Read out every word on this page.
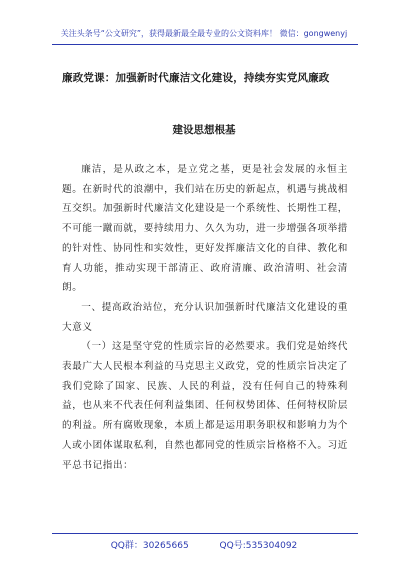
关注头条号“公文研究”，获得最新最全最专业的公文资料库！ 微信：gongwenyj
廉政党课：加强新时代廉洁文化建设，持续夯实党风廉政
建设思想根基

廉洁，是从政之本，是立党之基，更是社会发展的永恒主题。在新时代的浪潮中，我们站在历史的新起点，机遇与挑战相互交织。加强新时代廉洁文化建设是一个系统性、长期性工程，不可能一蹴而就，要持续用力、久久为功，进一步增强各项举措的针对性、协同性和实效性，更好发挥廉洁文化的自律、教化和育人功能，推动实现干部清正、政府清廉、政治清明、社会清朗。

一、提高政治站位，充分认识加强新时代廉洁文化建设的重大意义

（一）这是坚守党的性质宗旨的必然要求。我们党是始终代表最广大人民根本利益的马克思主义政党，党的性质宗旨决定了我们党除了国家、民族、人民的利益，没有任何自己的特殊利益，也从来不代表任何利益集团、任何权势团体、任何特权阶层的利益。所有腐败现象，本质上都是运用职务职权和影响力为个人或小团体谋取私利，自然也都同党的性质宗旨格格不入。习近平总书记指出：

QQ群：30265665	QQ号:535304092
